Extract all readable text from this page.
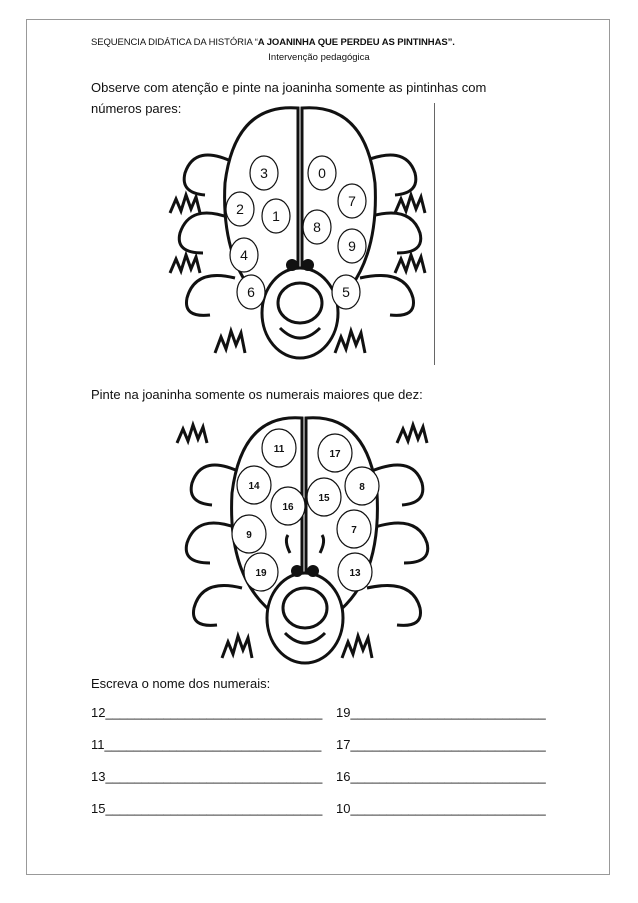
SEQUENCIA DIDÁTICA DA HISTÓRIA “A JOANINHA QUE PERDEU AS PINTINHAS”.
Intervenção pedagógica
Observe com atenção e pinte na joaninha somente as pintinhas com
números pares:
3	0
2 1
7
8
4
9
6	5
Pinte na joaninha somente os numerais maiores que dez:
11	17
14
16
15
8
9	7
19	13
Escreva o nome dos numerais:
12______________________________ 19___________________________
11______________________________ 17___________________________
13______________________________ 16___________________________
15______________________________ 10___________________________
